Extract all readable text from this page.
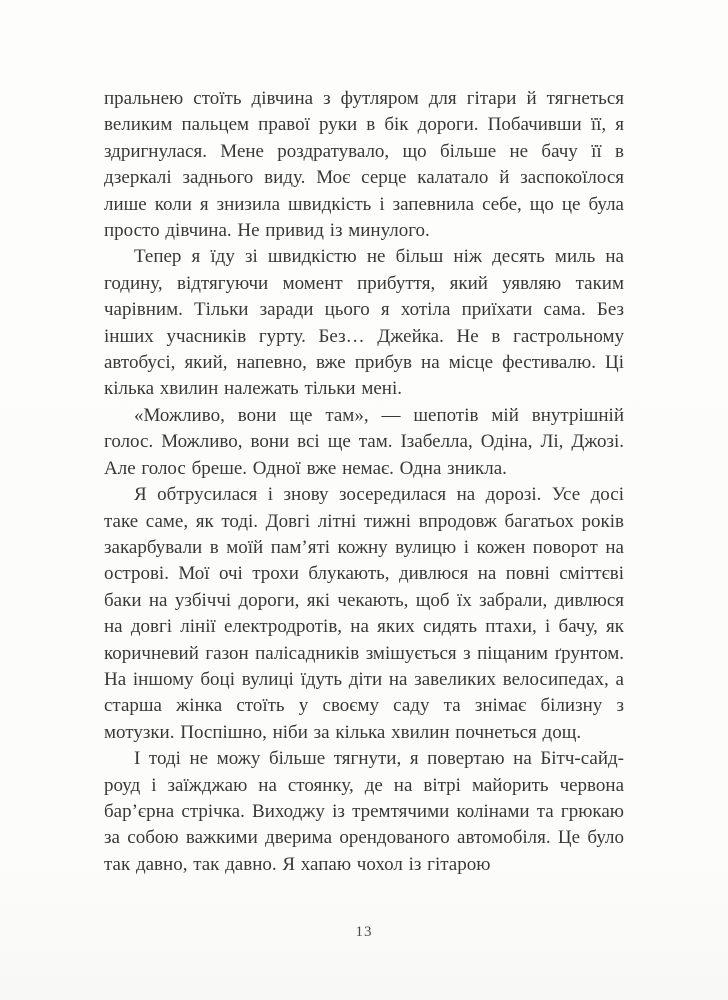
пральнею стоїть дівчина з футляром для гітари й тягнеться великим пальцем правої руки в бік дороги. Побачивши її, я здригнулася. Мене роздратувало, що більше не бачу її в дзеркалі заднього виду. Моє серце калатало й заспокоїлося лише коли я знизила швидкість і запевнила себе, що це була просто дівчина. Не привид із минулого.

Тепер я їду зі швидкістю не більш ніж десять миль на годину, відтягуючи момент прибуття, який уявляю таким чарівним. Тільки заради цього я хотіла приїхати сама. Без інших учасників гурту. Без… Джейка. Не в гастрольному автобусі, який, напевно, вже прибув на місце фестивалю. Ці кілька хвилин належать тільки мені.

«Можливо, вони ще там», — шепотів мій внутрішній голос. Можливо, вони всі ще там. Ізабелла, Одіна, Лі, Джозі. Але голос бреше. Одної вже немає. Одна зникла.

Я обтрусилася і знову зосередилася на дорозі. Усе досі таке саме, як тоді. Довгі літні тижні впродовж багатьох років закарбували в моїй пам’яті кожну вулицю і кожен поворот на острові. Мої очі трохи блукають, дивлюся на повні сміттєві баки на узбіччі дороги, які чекають, щоб їх забрали, дивлюся на довгі лінії електродротів, на яких сидять птахи, і бачу, як коричневий газон палісадників змішується з піщаним ґрунтом. На іншому боці вулиці їдуть діти на завеликих велосипедах, а старша жінка стоїть у своєму саду та знімає білизну з мотузки. Поспішно, ніби за кілька хвилин почнеться дощ.

І тоді не можу більше тягнути, я повертаю на Бітч-сайд-роуд і заїжджаю на стоянку, де на вітрі майорить червона бар’єрна стрічка. Виходжу із тремтячими колінами та грюкаю за собою важкими дверима орендованого автомобіля. Це було так давно, так давно. Я хапаю чохол із гітарою

13
